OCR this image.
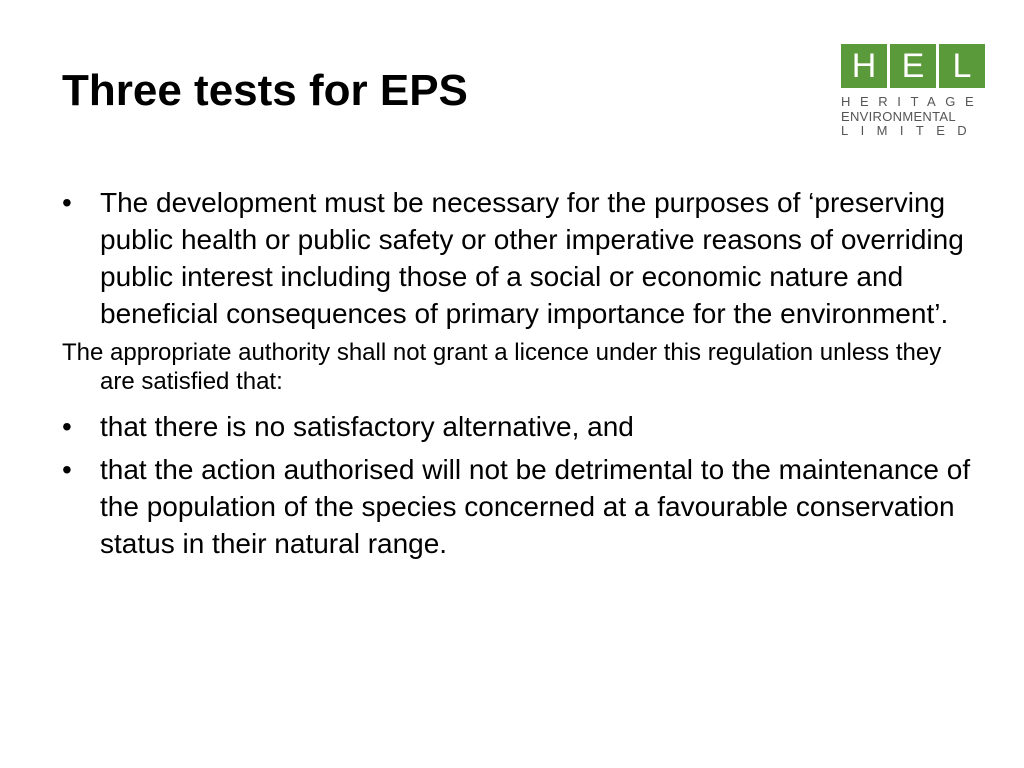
Three tests for EPS	H E L
HERITAGE
ENVIRONMENTAL
LIMITED
•	The development must be necessary for the purposes of ‘preserving public health or public safety or other imperative reasons of overriding public interest including those of a social or economic nature and beneficial consequences of primary importance for the environment’.

The appropriate authority shall not grant a licence under this regulation unless they are satisfied that:

•	that there is no satisfactory alternative, and
•	that the action authorised will not be detrimental to the maintenance of the population of the species concerned at a favourable conservation status in their natural range.
